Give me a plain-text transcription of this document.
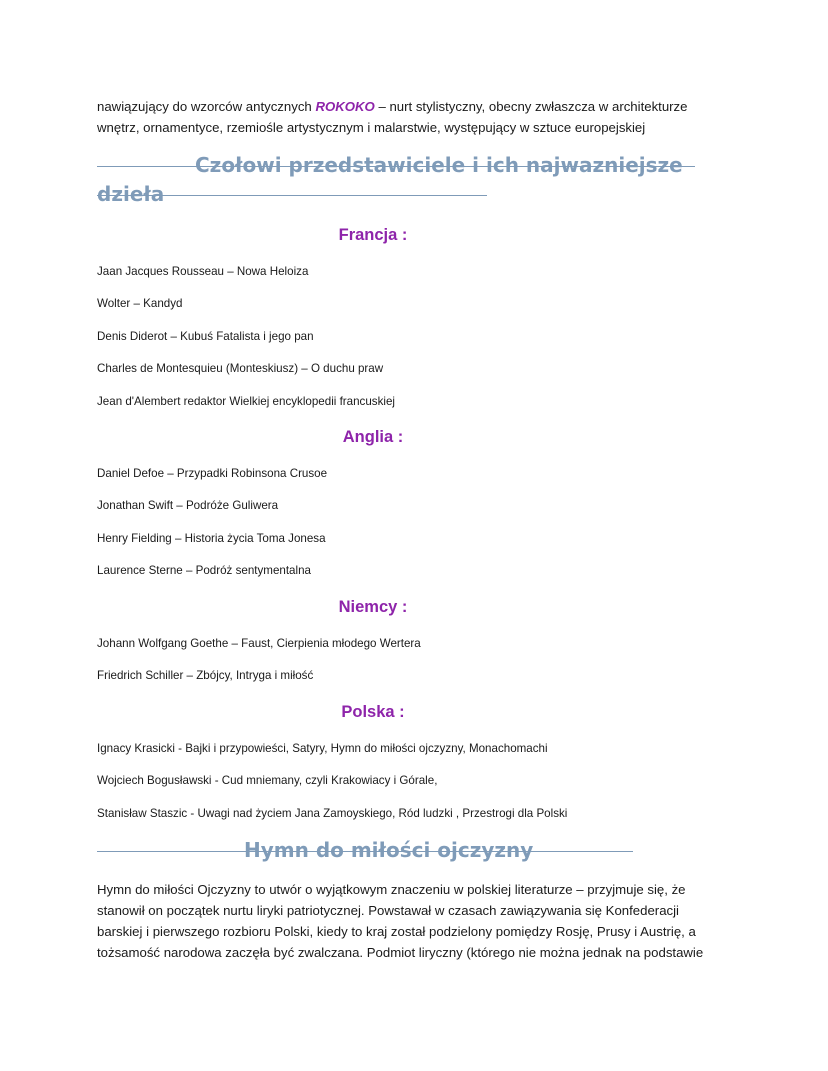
nawiązujący do wzorców antycznych ROKOKO – nurt stylistyczny, obecny zwłaszcza w architekturze
wnętrz, ornamentyce, rzemiośle artystycznym i malarstwie, występujący w sztuce europejskiej
Czołowi przedstawiciele i ich najwazniejsze
dzieła
Francja :
Jaan Jacques Rousseau – Nowa Heloiza
Wolter – Kandyd
Denis Diderot – Kubuś Fatalista i jego pan
Charles de Montesquieu (Monteskiusz) – O duchu praw
Jean d'Alembert redaktor Wielkiej encyklopedii francuskiej
Anglia :
Daniel Defoe – Przypadki Robinsona Crusoe
Jonathan Swift – Podróże Guliwera
Henry Fielding – Historia życia Toma Jonesa
Laurence Sterne – Podróż sentymentalna
Niemcy :
Johann Wolfgang Goethe – Faust, Cierpienia młodego Wertera
Friedrich Schiller – Zbójcy, Intryga i miłość
Polska :
Ignacy Krasicki - Bajki i przypowieści, Satyry, Hymn do miłości ojczyzny, Monachomachi
Wojciech Bogusławski - Cud mniemany, czyli Krakowiacy i Górale,
Stanisław Staszic - Uwagi nad życiem Jana Zamoyskiego, Ród ludzki , Przestrogi dla Polski
Hymn do miłości ojczyzny
Hymn do miłości Ojczyzny to utwór o wyjątkowym znaczeniu w polskiej literaturze – przyjmuje się, że
stanowił on początek nurtu liryki patriotycznej. Powstawał w czasach zawiązywania się Konfederacji
barskiej i pierwszego rozbioru Polski, kiedy to kraj został podzielony pomiędzy Rosję, Prusy i Austrię, a
tożsamość narodowa zaczęła być zwalczana. Podmiot liryczny (którego nie można jednak na podstawie
